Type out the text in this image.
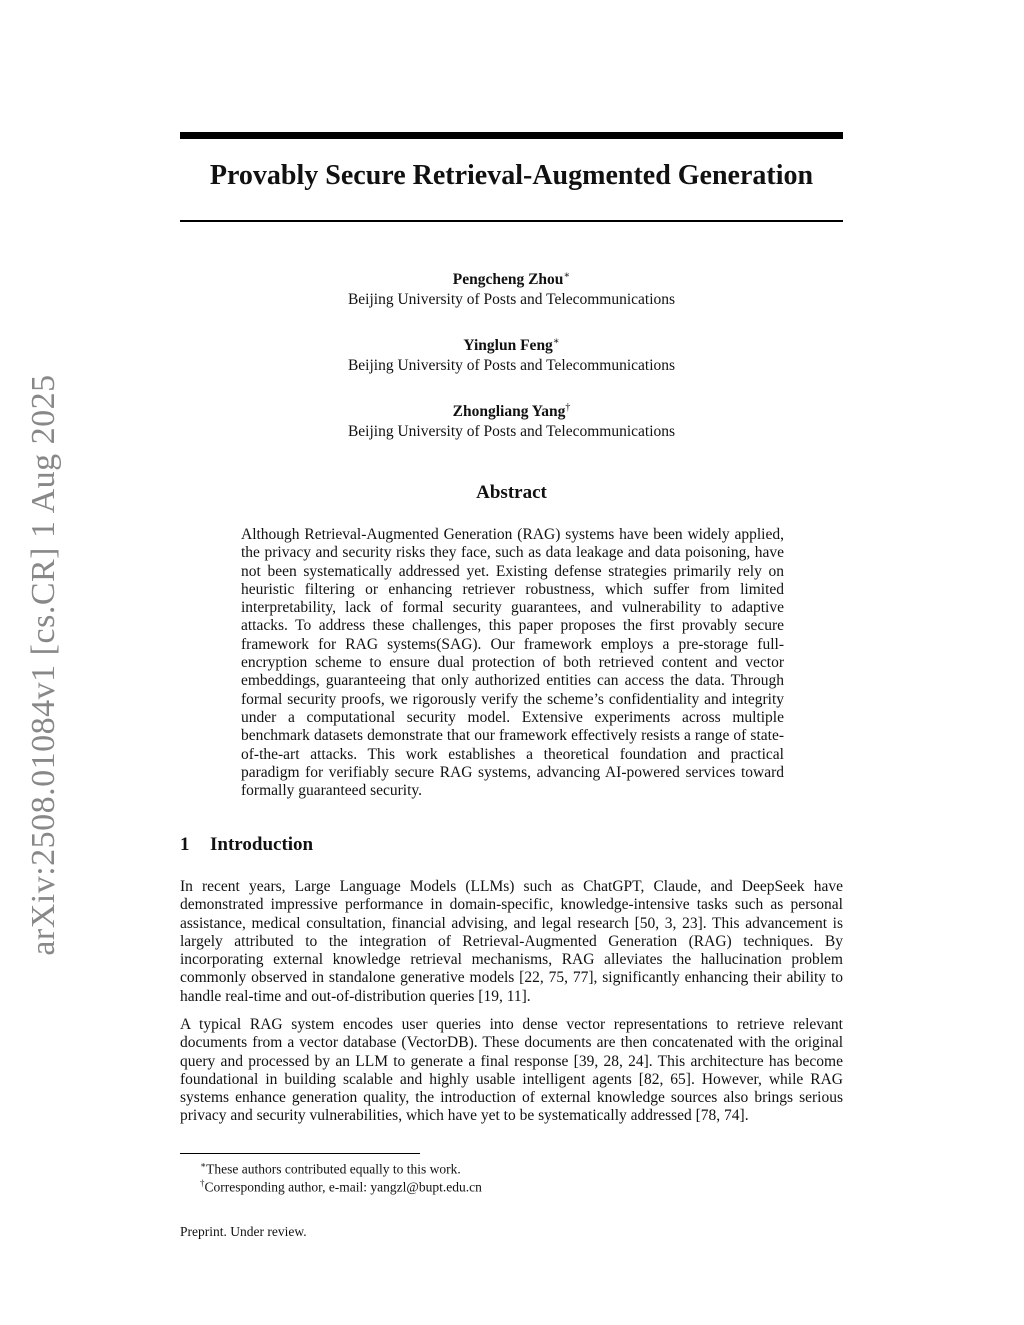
arXiv:2508.01084v1 [cs.CR] 1 Aug 2025
Provably Secure Retrieval-Augmented Generation
Pengcheng Zhou∗
Beijing University of Posts and Telecommunications
Yinglun Feng∗
Beijing University of Posts and Telecommunications
Zhongliang Yang†
Beijing University of Posts and Telecommunications
Abstract

Although Retrieval-Augmented Generation (RAG) systems have been widely applied, the privacy and security risks they face, such as data leakage and data poisoning, have not been systematically addressed yet. Existing defense strategies primarily rely on heuristic filtering or enhancing retriever robustness, which suffer from limited interpretability, lack of formal security guarantees, and vulnerability to adaptive attacks. To address these challenges, this paper proposes the first provably secure framework for RAG systems(SAG). Our framework employs a pre-storage full-encryption scheme to ensure dual protection of both retrieved content and vector embeddings, guaranteeing that only authorized entities can access the data. Through formal security proofs, we rigorously verify the scheme’s confidentiality and integrity under a computational security model. Extensive experiments across multiple benchmark datasets demonstrate that our framework effectively resists a range of state-of-the-art attacks. This work establishes a theoretical foundation and practical paradigm for verifiably secure RAG systems, advancing AI-powered services toward formally guaranteed security.

1 Introduction

In recent years, Large Language Models (LLMs) such as ChatGPT, Claude, and DeepSeek have demonstrated impressive performance in domain-specific, knowledge-intensive tasks such as personal assistance, medical consultation, financial advising, and legal research [50, 3, 23]. This advancement is largely attributed to the integration of Retrieval-Augmented Generation (RAG) techniques. By incorporating external knowledge retrieval mechanisms, RAG alleviates the hallucination problem commonly observed in standalone generative models [22, 75, 77], significantly enhancing their ability to handle real-time and out-of-distribution queries [19, 11].

A typical RAG system encodes user queries into dense vector representations to retrieve relevant documents from a vector database (VectorDB). These documents are then concatenated with the original query and processed by an LLM to generate a final response [39, 28, 24]. This architecture has become foundational in building scalable and highly usable intelligent agents [82, 65]. However, while RAG systems enhance generation quality, the introduction of external knowledge sources also brings serious privacy and security vulnerabilities, which have yet to be systematically addressed [78, 74].

∗These authors contributed equally to this work.
†Corresponding author, e-mail: yangzl@bupt.edu.cn
Preprint. Under review.
